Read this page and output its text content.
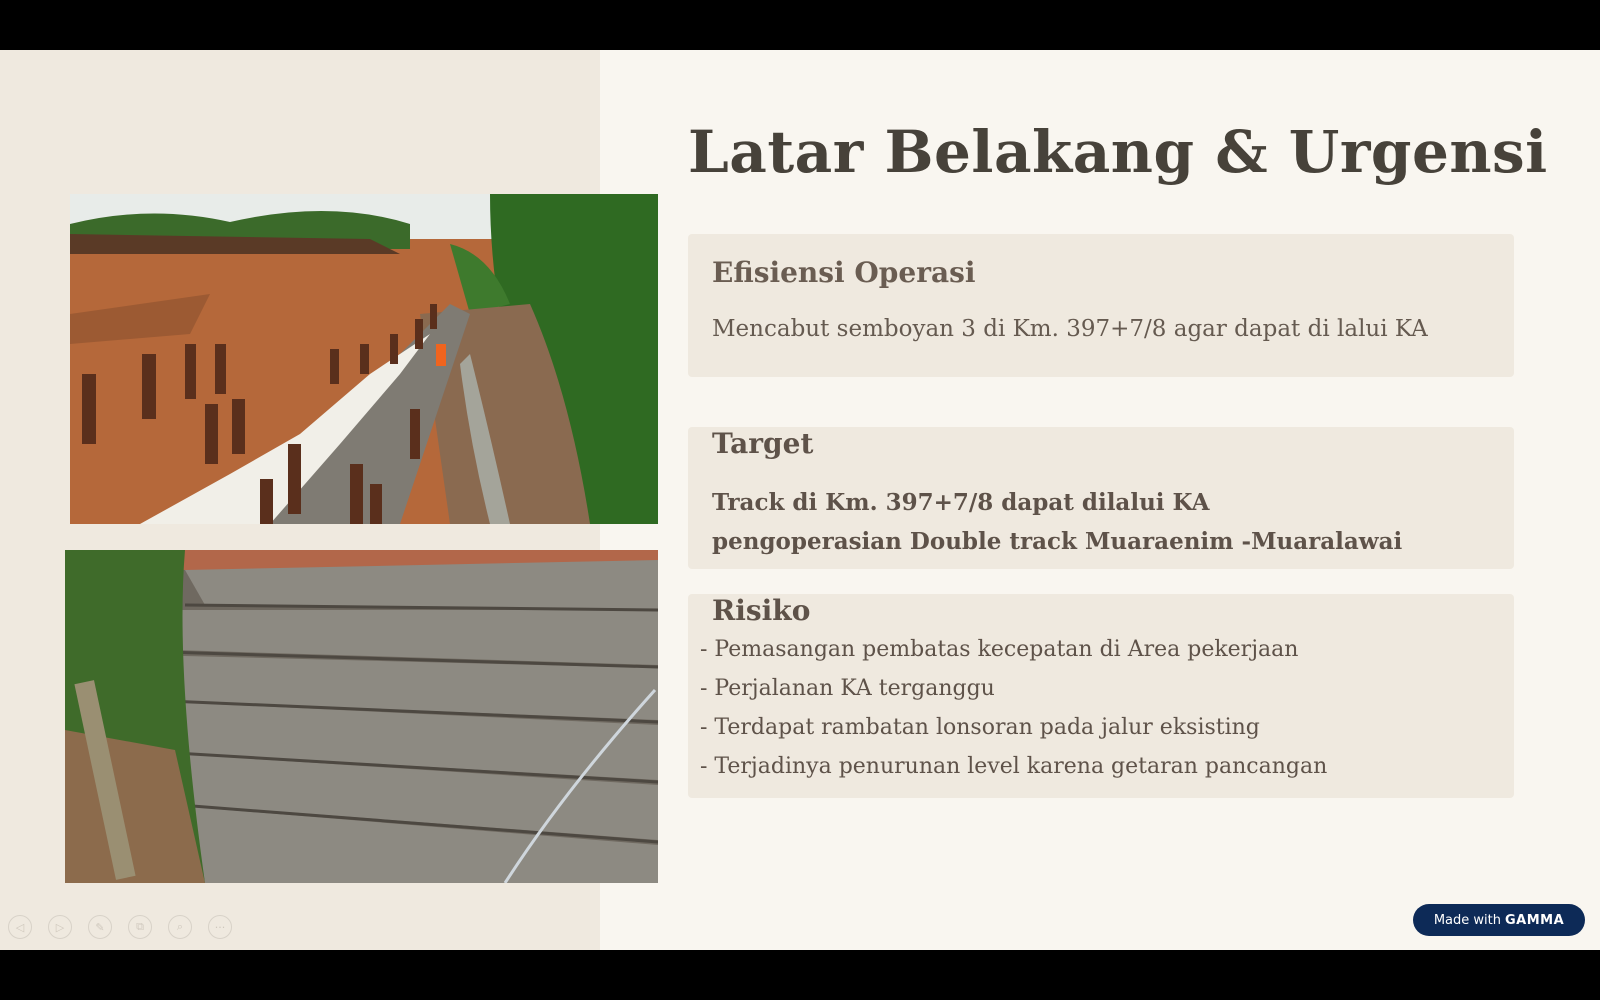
Latar Belakang & Urgensi
Efisiensi Operasi

Mencabut semboyan 3 di Km. 397+7/8 agar dapat di lalui KA

Target
Track di Km. 397+7/8 dapat dilalui KA
pengoperasian Double track Muaraenim -Muaralawai
Risiko
- Pemasangan pembatas kecepatan di Area pekerjaan
- Perjalanan KA terganggu
- Terdapat rambatan lonsoran pada jalur eksisting
- Terjadinya penurunan level karena getaran pancangan
◁	▷	✎	⧉	⌕	···	Made with GAMMA
